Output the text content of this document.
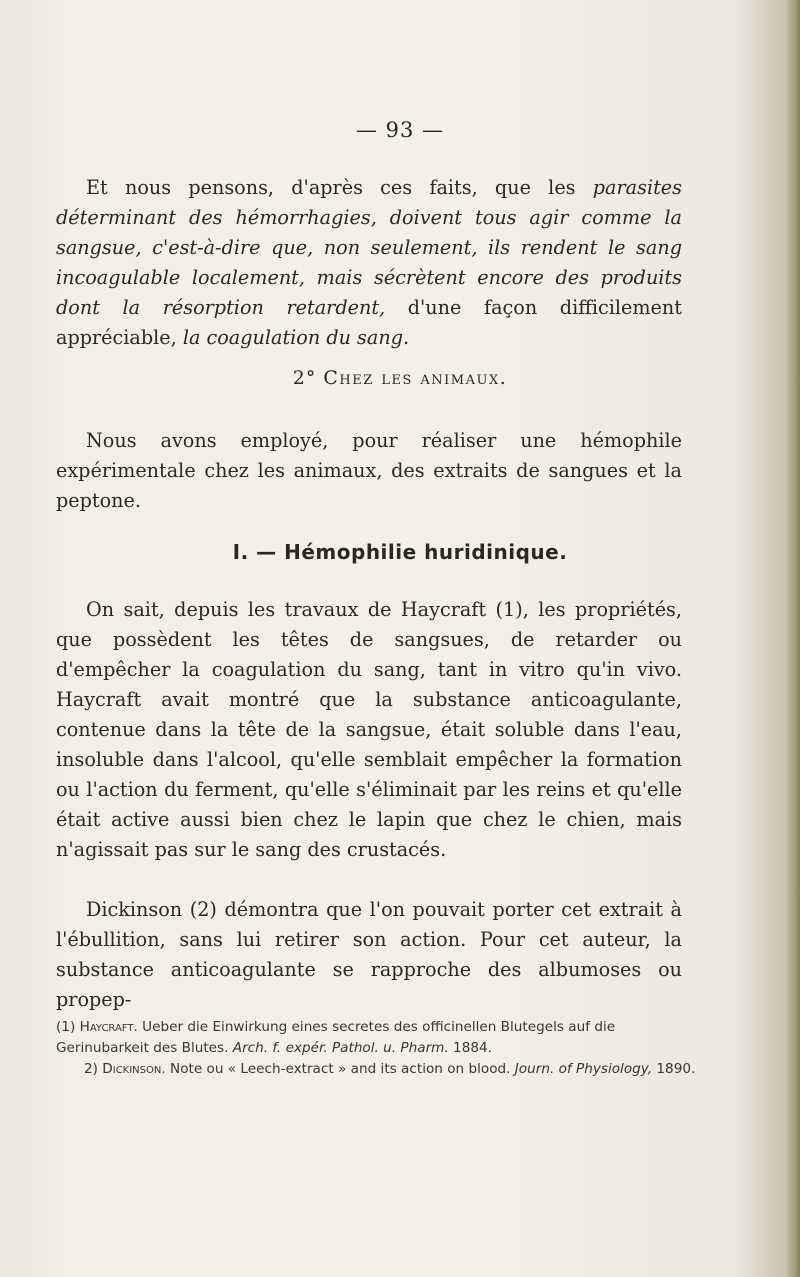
— 93 —
Et nous pensons, d'après ces faits, que les parasites déterminant des hémorrhagies, doivent tous agir comme la sangsue, c'est-à-dire que, non seulement, ils rendent le sang incoagulable localement, mais sécrètent encore des produits dont la résorption retardent, d'une façon difficilement appréciable, la coagulation du sang.
2° Chez les animaux.
Nous avons employé, pour réaliser une hémophile expérimentale chez les animaux, des extraits de sangues et la peptone.
I. — Hémophilie huridinique.
On sait, depuis les travaux de Haycraft (1), les propriétés, que possèdent les têtes de sangsues, de retarder ou d'empêcher la coagulation du sang, tant in vitro qu'in vivo. Haycraft avait montré que la substance anticoagulante, contenue dans la tête de la sangsue, était soluble dans l'eau, insoluble dans l'alcool, qu'elle semblait empêcher la formation ou l'action du ferment, qu'elle s'éliminait par les reins et qu'elle était active aussi bien chez le lapin que chez le chien, mais n'agissait pas sur le sang des crustacés.
Dickinson (2) démontra que l'on pouvait porter cet extrait à l'ébullition, sans lui retirer son action. Pour cet auteur, la substance anticoagulante se rapproche des albumoses ou propep-
(1) Haycraft. Ueber die Einwirkung eines secretes des officinellen Blutegels auf die Gerinubarkeit des Blutes. Arch. f. expér. Pathol. u. Pharm. 1884.
2) Dickinson. Note ou « Leech-extract » and its action on blood. Journ. of Physiology, 1890.
